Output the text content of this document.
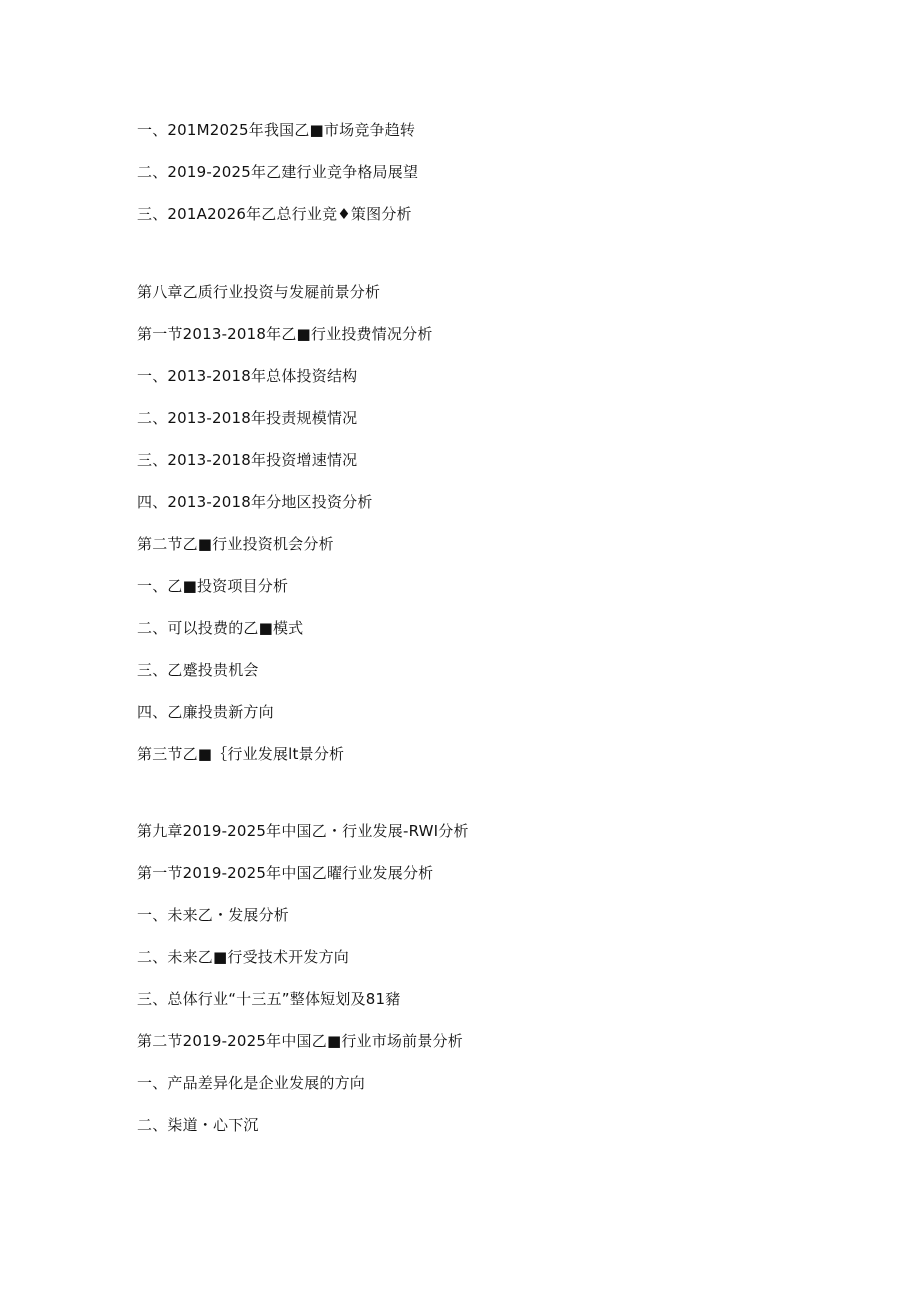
一、201M2025年我国乙■市场竞争趋转
二、2019-2025年乙建行业竞争格局展望
三、201A2026年乙总行业竞♦策图分析
第八章乙质行业投资与发屣前景分析
第一节2013-2018年乙■行业投费情况分析
一、2013-2018年总体投资结构
二、2013-2018年投责规模情况
三、2013-2018年投资增速情况
四、2013-2018年分地区投资分析
第二节乙■行业投资机会分析
一、乙■投资项目分析
二、可以投费的乙■模式
三、乙蹙投贵机会
四、乙廉投贵新方向
第三节乙■｛行业发展lt景分析
第九章2019-2025年中国乙・行业发展-RWI分析
第一节2019-2025年中国乙曜行业发展分析
一、未来乙・发展分析
二、未来乙■行受技术开发方向
三、总体行业“十三五”整体短划及81豬
第二节2019-2025年中国乙■行业市场前景分析
一、产品差异化是企业发展的方向
二、柒道・心下沉
